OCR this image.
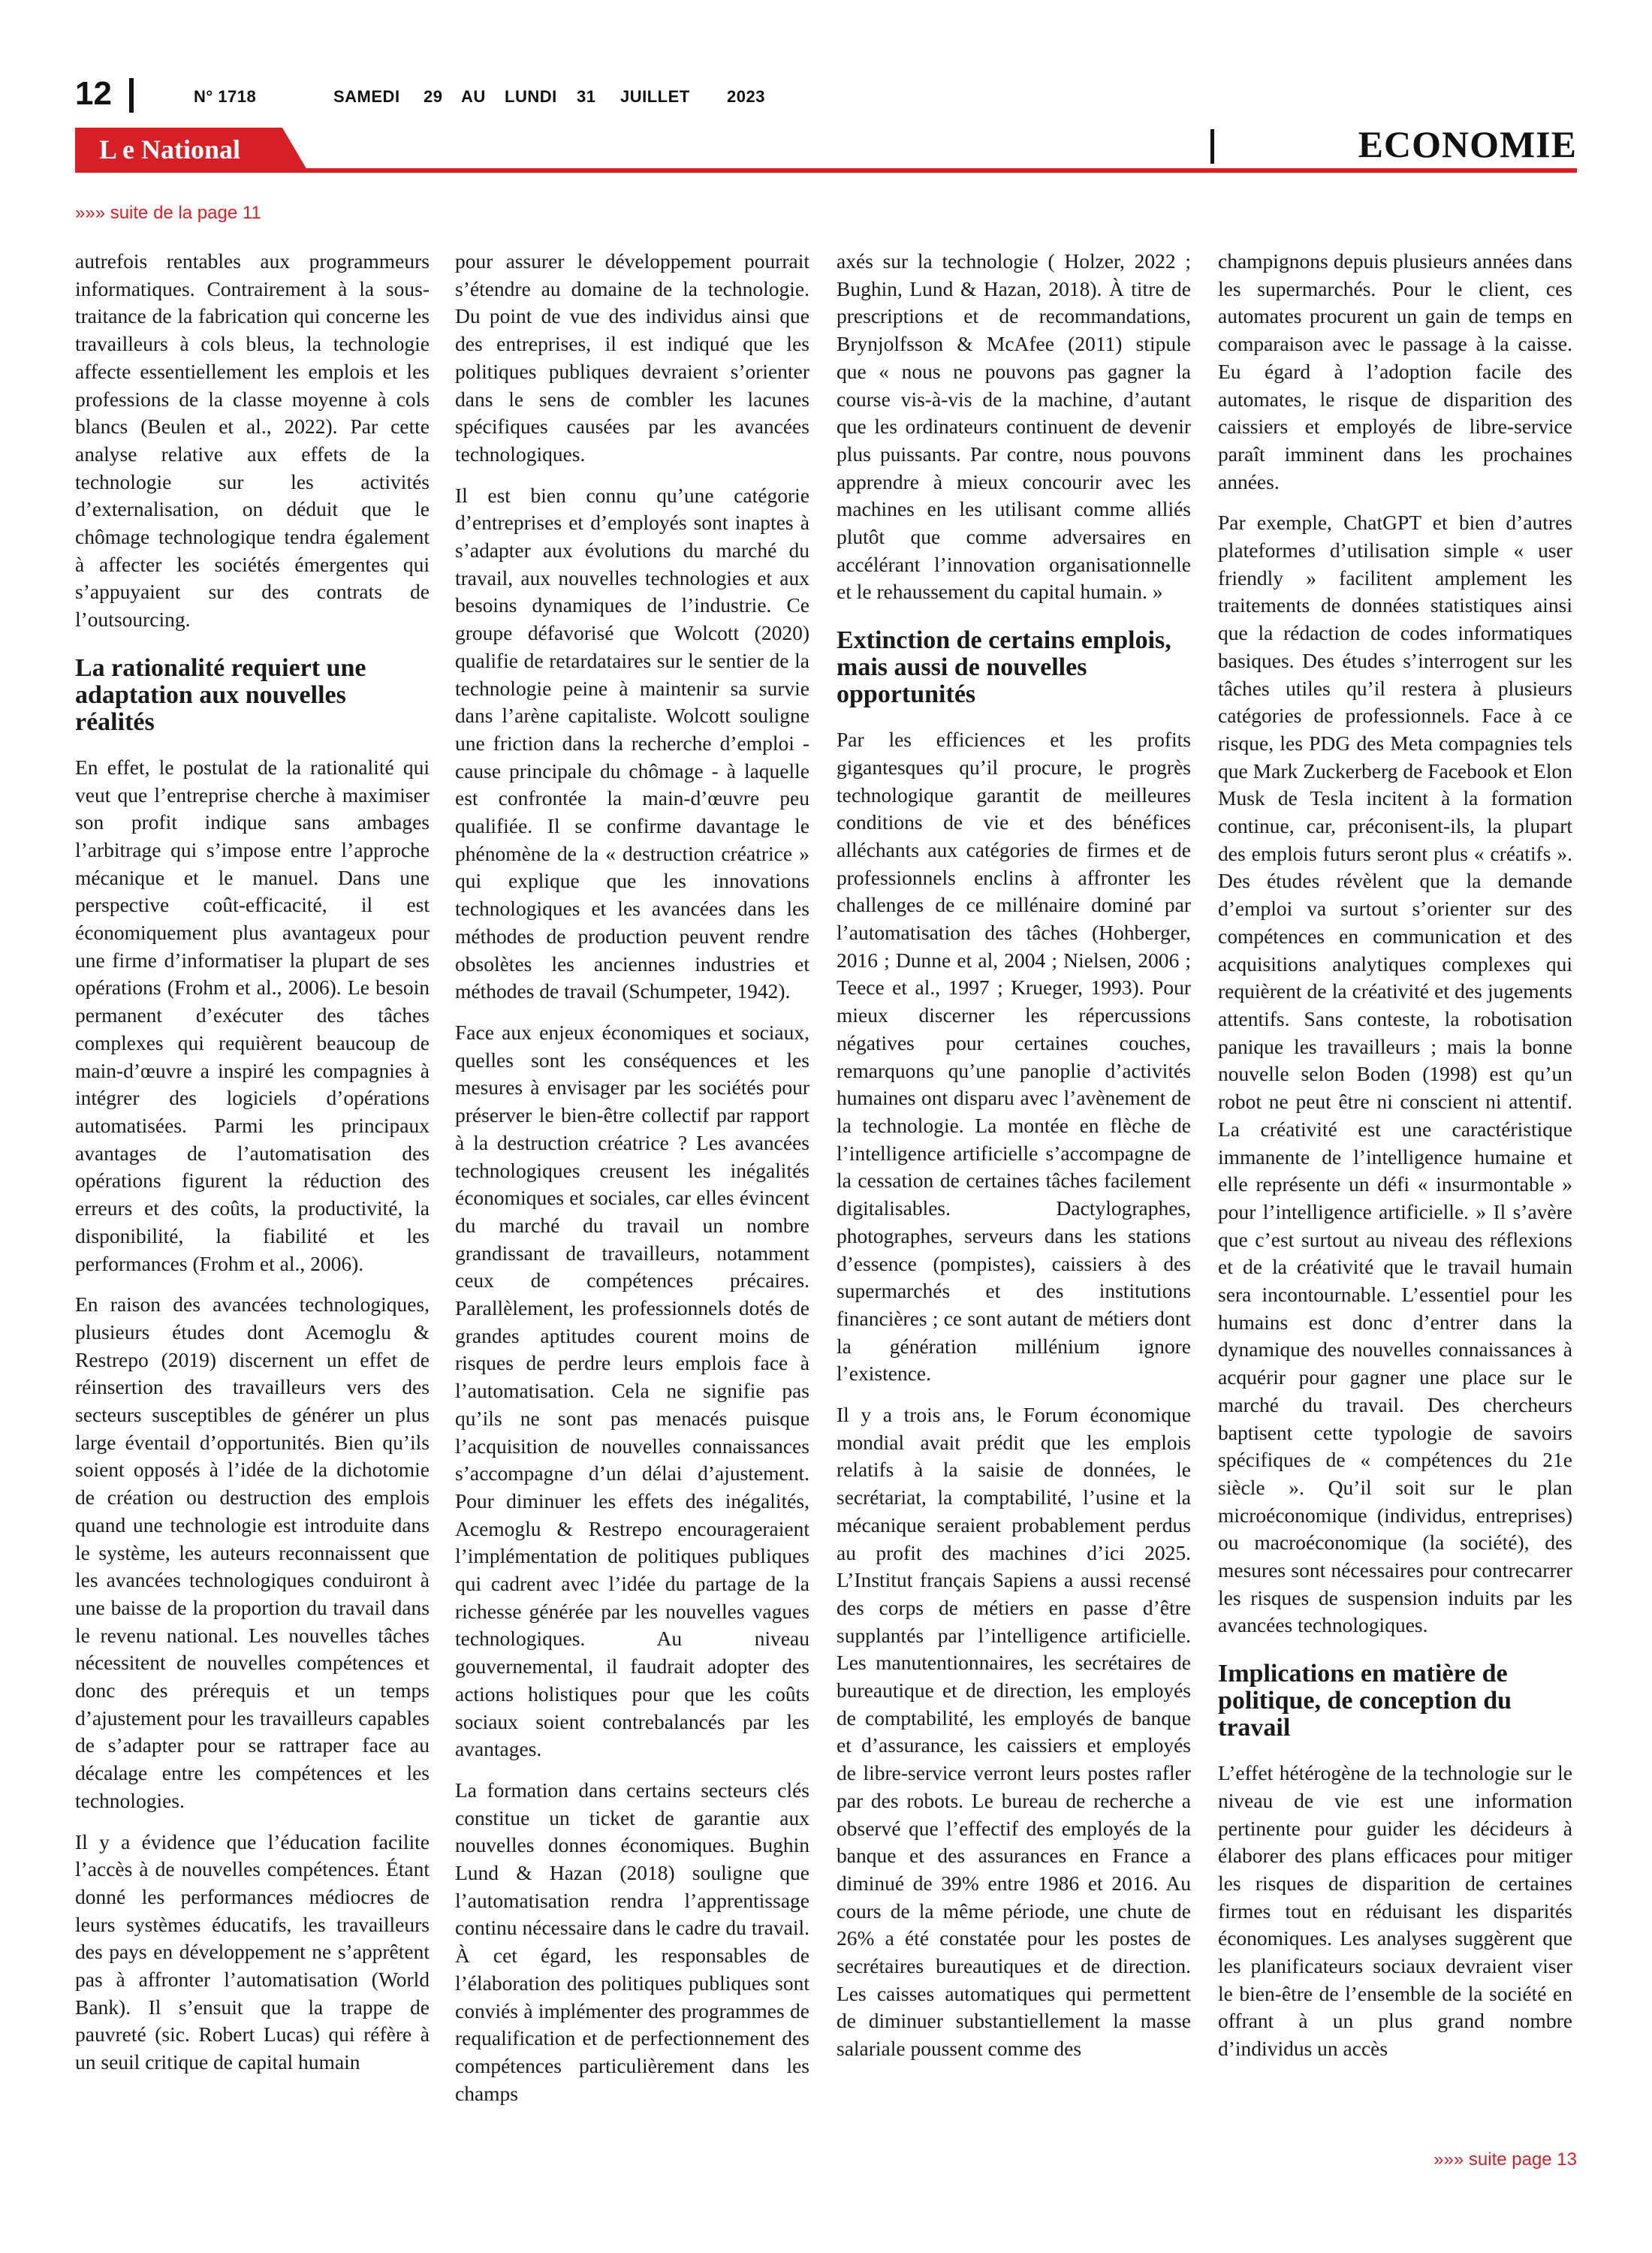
12	N° 1718	SAMEDI 29 AU LUNDI 31 JUILLET 2023
L e National	ECONOMIE
»»» suite de la page 11

autrefois rentables aux programmeurs informatiques. Contrairement à la sous-traitance de la fabrication qui concerne les travailleurs à cols bleus, la technologie affecte essentiellement les emplois et les professions de la classe moyenne à cols blancs (Beulen et al., 2022). Par cette analyse relative aux effets de la technologie sur les activités d’externalisation, on déduit que le chômage technologique tendra également à affecter les sociétés émergentes qui s’appuyaient sur des contrats de l’outsourcing.

La rationalité requiert une adaptation aux nouvelles réalités

En effet, le postulat de la rationalité qui veut que l’entreprise cherche à maximiser son profit indique sans ambages l’arbitrage qui s’impose entre l’approche mécanique et le manuel. Dans une perspective coût-efficacité, il est économiquement plus avantageux pour une firme d’informatiser la plupart de ses opérations (Frohm et al., 2006). Le besoin permanent d’exécuter des tâches complexes qui requièrent beaucoup de main-d’œuvre a inspiré les compagnies à intégrer des logiciels d’opérations automatisées. Parmi les principaux avantages de l’automatisation des opérations figurent la réduction des erreurs et des coûts, la productivité, la disponibilité, la fiabilité et les performances (Frohm et al., 2006).

En raison des avancées technologiques, plusieurs études dont Acemoglu & Restrepo (2019) discernent un effet de réinsertion des travailleurs vers des secteurs susceptibles de générer un plus large éventail d’opportunités. Bien qu’ils soient opposés à l’idée de la dichotomie de création ou destruction des emplois quand une technologie est introduite dans le système, les auteurs reconnaissent que les avancées technologiques conduiront à une baisse de la proportion du travail dans le revenu national. Les nouvelles tâches nécessitent de nouvelles compétences et donc des prérequis et un temps d’ajustement pour les travailleurs capables de s’adapter pour se rattraper face au décalage entre les compétences et les technologies.

Il y a évidence que l’éducation facilite l’accès à de nouvelles compétences. Étant donné les performances médiocres de leurs systèmes éducatifs, les travailleurs des pays en développement ne s’apprêtent pas à affronter l’automatisation (World Bank). Il s’ensuit que la trappe de pauvreté (sic. Robert Lucas) qui réfère à un seuil critique de capital humain

pour assurer le développement pourrait s’étendre au domaine de la technologie. Du point de vue des individus ainsi que des entreprises, il est indiqué que les politiques publiques devraient s’orienter dans le sens de combler les lacunes spécifiques causées par les avancées technologiques.

Il est bien connu qu’une catégorie d’entreprises et d’employés sont inaptes à s’adapter aux évolutions du marché du travail, aux nouvelles technologies et aux besoins dynamiques de l’industrie. Ce groupe défavorisé que Wolcott (2020) qualifie de retardataires sur le sentier de la technologie peine à maintenir sa survie dans l’arène capitaliste. Wolcott souligne une friction dans la recherche d’emploi - cause principale du chômage - à laquelle est confrontée la main-d’œuvre peu qualifiée. Il se confirme davantage le phénomène de la « destruction créatrice » qui explique que les innovations technologiques et les avancées dans les méthodes de production peuvent rendre obsolètes les anciennes industries et méthodes de travail (Schumpeter, 1942).

Face aux enjeux économiques et sociaux, quelles sont les conséquences et les mesures à envisager par les sociétés pour préserver le bien-être collectif par rapport à la destruction créatrice ? Les avancées technologiques creusent les inégalités économiques et sociales, car elles évincent du marché du travail un nombre grandissant de travailleurs, notamment ceux de compétences précaires. Parallèlement, les professionnels dotés de grandes aptitudes courent moins de risques de perdre leurs emplois face à l’automatisation. Cela ne signifie pas qu’ils ne sont pas menacés puisque l’acquisition de nouvelles connaissances s’accompagne d’un délai d’ajustement. Pour diminuer les effets des inégalités, Acemoglu & Restrepo encourageraient l’implémentation de politiques publiques qui cadrent avec l’idée du partage de la richesse générée par les nouvelles vagues technologiques. Au niveau gouvernemental, il faudrait adopter des actions holistiques pour que les coûts sociaux soient contrebalancés par les avantages.

La formation dans certains secteurs clés constitue un ticket de garantie aux nouvelles donnes économiques. Bughin Lund & Hazan (2018) souligne que l’automatisation rendra l’apprentissage continu nécessaire dans le cadre du travail. À cet égard, les responsables de l’élaboration des politiques publiques sont conviés à implémenter des programmes de requalification et de perfectionnement des compétences particulièrement dans les champs

axés sur la technologie ( Holzer, 2022 ; Bughin, Lund & Hazan, 2018). À titre de prescriptions et de recommandations, Brynjolfsson & McAfee (2011) stipule que « nous ne pouvons pas gagner la course vis-à-vis de la machine, d’autant que les ordinateurs continuent de devenir plus puissants. Par contre, nous pouvons apprendre à mieux concourir avec les machines en les utilisant comme alliés plutôt que comme adversaires en accélérant l’innovation organisationnelle et le rehaussement du capital humain. »

Extinction de certains emplois, mais aussi de nouvelles opportunités

Par les efficiences et les profits gigantesques qu’il procure, le progrès technologique garantit de meilleures conditions de vie et des bénéfices alléchants aux catégories de firmes et de professionnels enclins à affronter les challenges de ce millénaire dominé par l’automatisation des tâches (Hohberger, 2016 ; Dunne et al, 2004 ; Nielsen, 2006 ; Teece et al., 1997 ; Krueger, 1993). Pour mieux discerner les répercussions négatives pour certaines couches, remarquons qu’une panoplie d’activités humaines ont disparu avec l’avènement de la technologie. La montée en flèche de l’intelligence artificielle s’accompagne de la cessation de certaines tâches facilement digitalisables. Dactylographes, photographes, serveurs dans les stations d’essence (pompistes), caissiers à des supermarchés et des institutions financières ; ce sont autant de métiers dont la génération millénium ignore l’existence.

Il y a trois ans, le Forum économique mondial avait prédit que les emplois relatifs à la saisie de données, le secrétariat, la comptabilité, l’usine et la mécanique seraient probablement perdus au profit des machines d’ici 2025. L’Institut français Sapiens a aussi recensé des corps de métiers en passe d’être supplantés par l’intelligence artificielle. Les manutentionnaires, les secrétaires de bureautique et de direction, les employés de comptabilité, les employés de banque et d’assurance, les caissiers et employés de libre-service verront leurs postes rafler par des robots. Le bureau de recherche a observé que l’effectif des employés de la banque et des assurances en France a diminué de 39% entre 1986 et 2016. Au cours de la même période, une chute de 26% a été constatée pour les postes de secrétaires bureautiques et de direction. Les caisses automatiques qui permettent de diminuer substantiellement la masse salariale poussent comme des

champignons depuis plusieurs années dans les supermarchés. Pour le client, ces automates procurent un gain de temps en comparaison avec le passage à la caisse. Eu égard à l’adoption facile des automates, le risque de disparition des caissiers et employés de libre-service paraît imminent dans les prochaines années.

Par exemple, ChatGPT et bien d’autres plateformes d’utilisation simple « user friendly » facilitent amplement les traitements de données statistiques ainsi que la rédaction de codes informatiques basiques. Des études s’interrogent sur les tâches utiles qu’il restera à plusieurs catégories de professionnels. Face à ce risque, les PDG des Meta compagnies tels que Mark Zuckerberg de Facebook et Elon Musk de Tesla incitent à la formation continue, car, préconisent-ils, la plupart des emplois futurs seront plus « créatifs ». Des études révèlent que la demande d’emploi va surtout s’orienter sur des compétences en communication et des acquisitions analytiques complexes qui requièrent de la créativité et des jugements attentifs. Sans conteste, la robotisation panique les travailleurs ; mais la bonne nouvelle selon Boden (1998) est qu’un robot ne peut être ni conscient ni attentif. La créativité est une caractéristique immanente de l’intelligence humaine et elle représente un défi « insurmontable » pour l’intelligence artificielle. » Il s’avère que c’est surtout au niveau des réflexions et de la créativité que le travail humain sera incontournable. L’essentiel pour les humains est donc d’entrer dans la dynamique des nouvelles connaissances à acquérir pour gagner une place sur le marché du travail. Des chercheurs baptisent cette typologie de savoirs spécifiques de « compétences du 21e siècle ». Qu’il soit sur le plan microéconomique (individus, entreprises) ou macroéconomique (la société), des mesures sont nécessaires pour contrecarrer les risques de suspension induits par les avancées technologiques.

Implications en matière de politique, de conception du travail

L’effet hétérogène de la technologie sur le niveau de vie est une information pertinente pour guider les décideurs à élaborer des plans efficaces pour mitiger les risques de disparition de certaines firmes tout en réduisant les disparités économiques. Les analyses suggèrent que les planificateurs sociaux devraient viser le bien-être de l’ensemble de la société en offrant à un plus grand nombre d’individus un accès

»»» suite page 13
